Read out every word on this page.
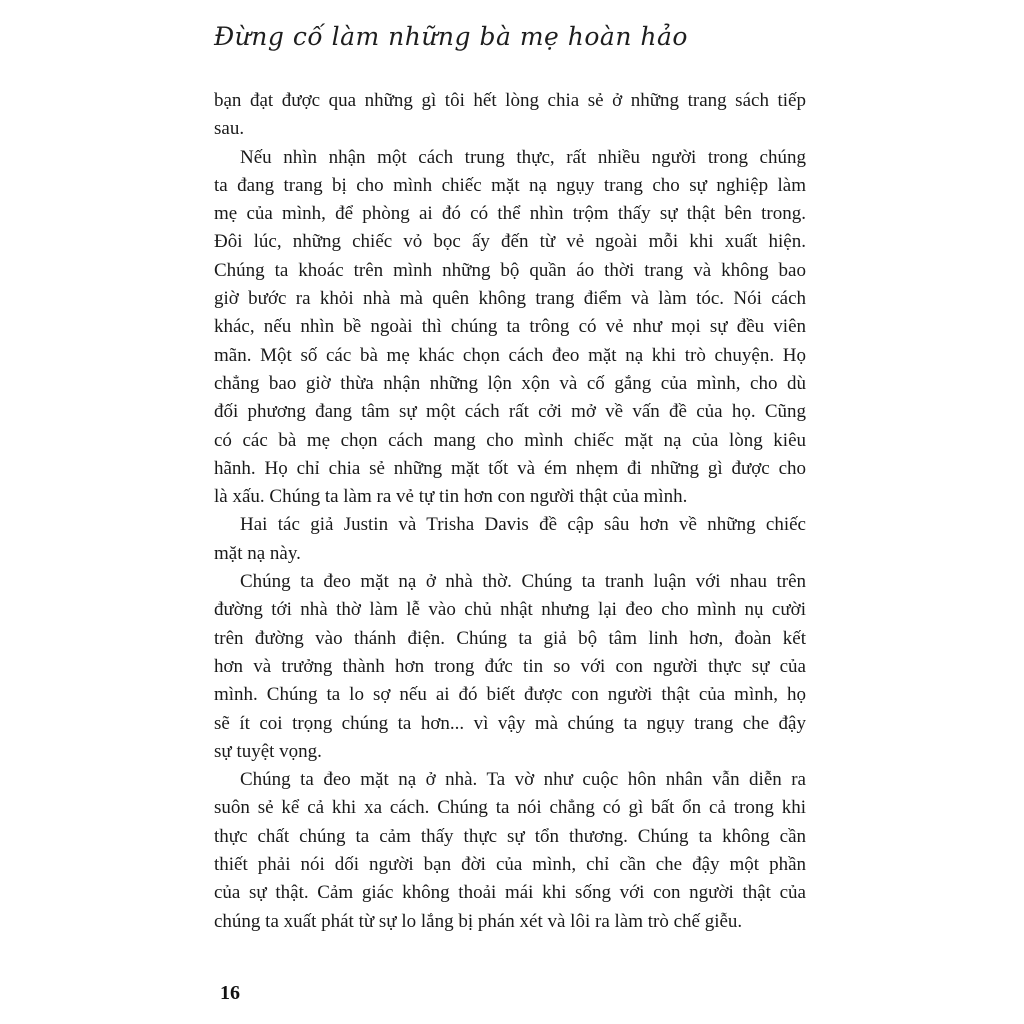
Đừng cố làm những bà mẹ hoàn hảo
bạn đạt được qua những gì tôi hết lòng chia sẻ ở những trang sách tiếp
sau.
Nếu nhìn nhận một cách trung thực, rất nhiều người trong chúng
ta đang trang bị cho mình chiếc mặt nạ ngụy trang cho sự nghiệp làm
mẹ của mình, để phòng ai đó có thể nhìn trộm thấy sự thật bên trong.
Đôi lúc, những chiếc vỏ bọc ấy đến từ vẻ ngoài mỗi khi xuất hiện.
Chúng ta khoác trên mình những bộ quần áo thời trang và không bao
giờ bước ra khỏi nhà mà quên không trang điểm và làm tóc. Nói cách
khác, nếu nhìn bề ngoài thì chúng ta trông có vẻ như mọi sự đều viên
mãn. Một số các bà mẹ khác chọn cách đeo mặt nạ khi trò chuyện. Họ
chẳng bao giờ thừa nhận những lộn xộn và cố gắng của mình, cho dù
đối phương đang tâm sự một cách rất cởi mở về vấn đề của họ. Cũng
có các bà mẹ chọn cách mang cho mình chiếc mặt nạ của lòng kiêu
hãnh. Họ chỉ chia sẻ những mặt tốt và ém nhẹm đi những gì được cho
là xấu. Chúng ta làm ra vẻ tự tin hơn con người thật của mình.
Hai tác giả Justin và Trisha Davis đề cập sâu hơn về những chiếc
mặt nạ này.
Chúng ta đeo mặt nạ ở nhà thờ. Chúng ta tranh luận với nhau trên
đường tới nhà thờ làm lễ vào chủ nhật nhưng lại đeo cho mình nụ cười
trên đường vào thánh điện. Chúng ta giả bộ tâm linh hơn, đoàn kết
hơn và trưởng thành hơn trong đức tin so với con người thực sự của
mình. Chúng ta lo sợ nếu ai đó biết được con người thật của mình, họ
sẽ ít coi trọng chúng ta hơn... vì vậy mà chúng ta ngụy trang che đậy
sự tuyệt vọng.
Chúng ta đeo mặt nạ ở nhà. Ta vờ như cuộc hôn nhân vẫn diễn ra
suôn sẻ kể cả khi xa cách. Chúng ta nói chẳng có gì bất ổn cả trong khi
thực chất chúng ta cảm thấy thực sự tổn thương. Chúng ta không cần
thiết phải nói dối người bạn đời của mình, chỉ cần che đậy một phần
của sự thật. Cảm giác không thoải mái khi sống với con người thật của
chúng ta xuất phát từ sự lo lắng bị phán xét và lôi ra làm trò chế giễu.
16
